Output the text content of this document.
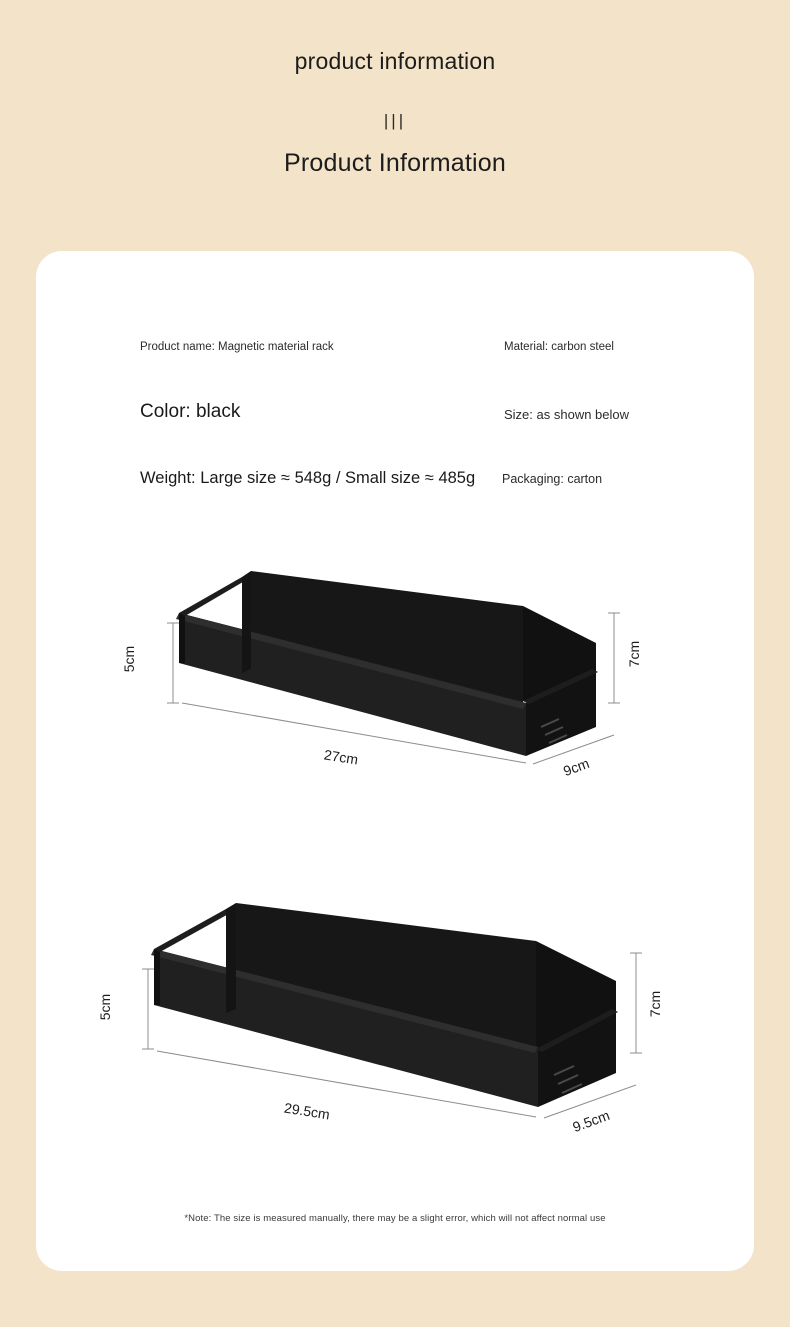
product information
|||
Product Information
Product name: Magnetic material rack	Material: carbon steel
Color: black	Size: as shown below
Weight: Large size ≈ 548g / Small size ≈ 485g Packaging: carton
5cm	7cm
27cm	9cm
5cm	7cm
29.5cm	9.5cm
*Note: The size is measured manually, there may be a slight error, which will not affect normal use
